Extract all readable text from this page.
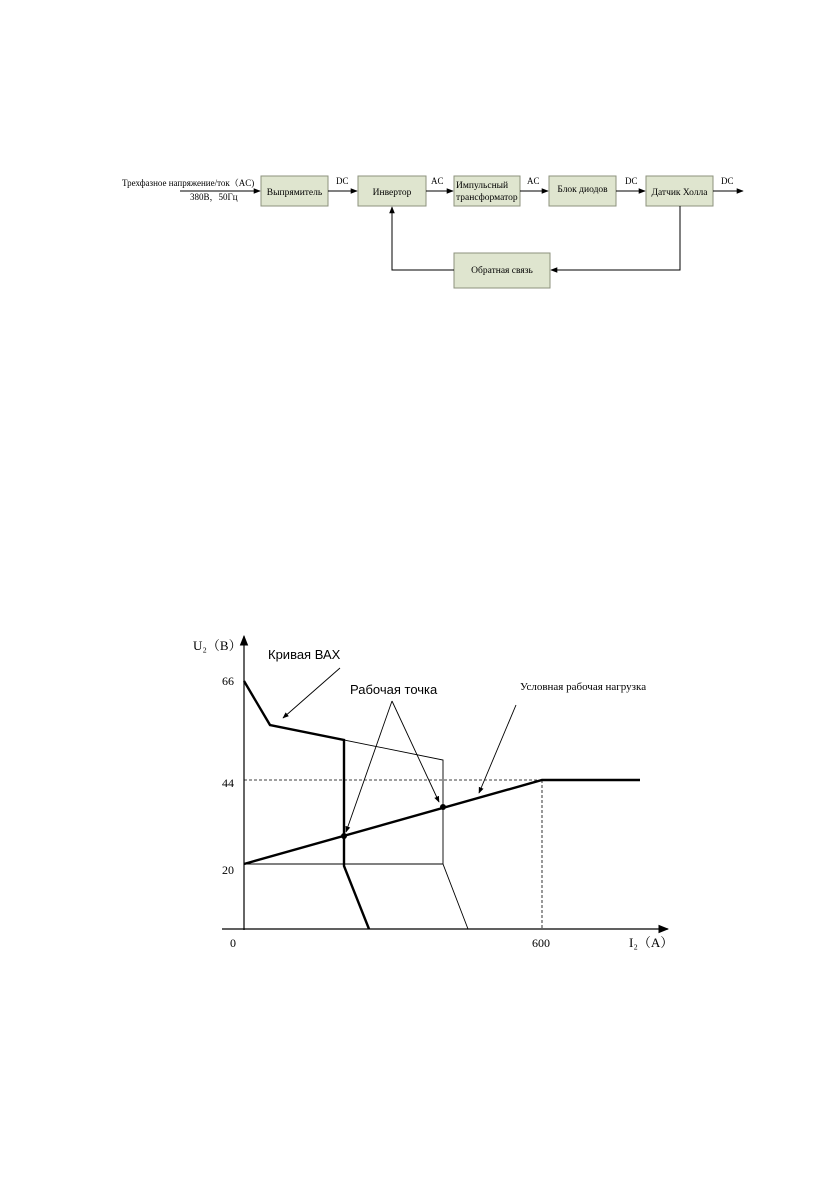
Трехфазное напряжение/ток（AC)
380В，50Гц	Выпрямитель
DC
Инвертор
AC Импульсный
трансформатор
AC
Блок диодов
DC
Датчик Холла
DC
Обратная связь
U₂（В）
I₂（А）
66
44
20
0	600
Кривая ВАХ
Рабочая точка	Условная рабочая нагрузка
